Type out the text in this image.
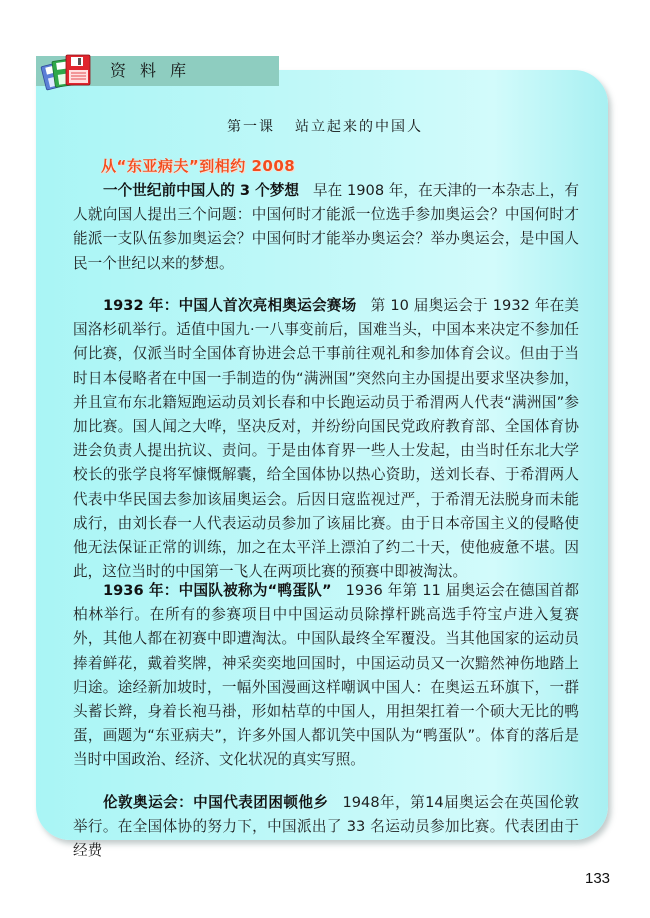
资料库
第一课 站立起来的中国人
从“东亚病夫”到相约 2008

一个世纪前中国人的 3 个梦想 早在 1908 年，在天津的一本杂志上，有人就向国人提出三个问题：中国何时才能派一位选手参加奥运会？中国何时才能派一支队伍参加奥运会？中国何时才能举办奥运会？举办奥运会，是中国人民一个世纪以来的梦想。

1932 年：中国人首次亮相奥运会赛场 第 10 届奥运会于 1932 年在美国洛杉矶举行。适值中国九·一八事变前后，国难当头，中国本来决定不参加任何比赛，仅派当时全国体育协进会总干事前往观礼和参加体育会议。但由于当时日本侵略者在中国一手制造的伪“满洲国”突然向主办国提出要求坚决参加，并且宣布东北籍短跑运动员刘长春和中长跑运动员于希渭两人代表“满洲国”参加比赛。国人闻之大哗，坚决反对，并纷纷向国民党政府教育部、全国体育协进会负责人提出抗议、责问。于是由体育界一些人士发起，由当时任东北大学校长的张学良将军慷慨解囊，给全国体协以热心资助，送刘长春、于希渭两人代表中华民国去参加该届奥运会。后因日寇监视过严，于希渭无法脱身而未能成行，由刘长春一人代表运动员参加了该届比赛。由于日本帝国主义的侵略使他无法保证正常的训练，加之在太平洋上漂泊了约二十天，使他疲惫不堪。因此，这位当时的中国第一飞人在两项比赛的预赛中即被淘汰。

1936 年：中国队被称为“鸭蛋队” 1936 年第 11 届奥运会在德国首都柏林举行。在所有的参赛项目中中国运动员除撑杆跳高选手符宝卢进入复赛外，其他人都在初赛中即遭淘汰。中国队最终全军覆没。当其他国家的运动员捧着鲜花，戴着奖牌，神采奕奕地回国时，中国运动员又一次黯然神伤地踏上归途。途经新加坡时，一幅外国漫画这样嘲讽中国人：在奥运五环旗下，一群头蓄长辫，身着长袍马褂，形如枯草的中国人，用担架扛着一个硕大无比的鸭蛋，画题为“东亚病夫”，许多外国人都讥笑中国队为“鸭蛋队”。体育的落后是当时中国政治、经济、文化状况的真实写照。

伦敦奥运会：中国代表团困顿他乡 1948年，第14届奥运会在英国伦敦举行。在全国体协的努力下，中国派出了 33 名运动员参加比赛。代表团由于经费

133
